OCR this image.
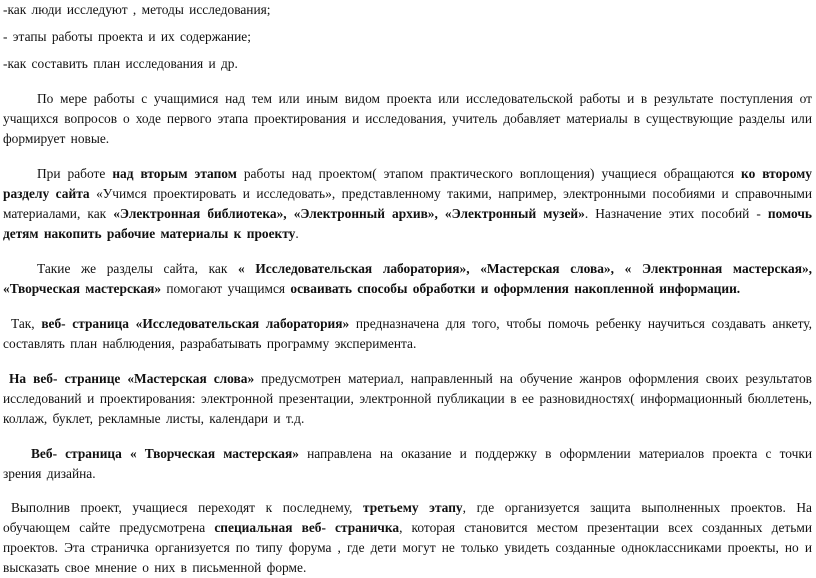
-как люди исследуют , методы исследования;

- этапы работы проекта и их содержание;

-как составить план исследования и др.

По мере работы с учащимися над тем или иным видом проекта или исследовательской работы и в результате поступления от учащихся вопросов о ходе первого этапа проектирования и исследования, учитель добавляет материалы в существующие разделы или формирует новые.

При работе над вторым этапом работы над проектом( этапом практического воплощения) учащиеся обращаются ко второму разделу сайта «Учимся проектировать и исследовать», представленному такими, например, электронными пособиями и справочными материалами, как «Электронная библиотека», «Электронный архив», «Электронный музей». Назначение этих пособий - помочь детям накопить рабочие материалы к проекту.

Такие же разделы сайта, как « Исследовательская лаборатория», «Мастерская слова», « Электронная мастерская», «Творческая мастерская» помогают учащимся осваивать способы обработки и оформления накопленной информации.

Так, веб- страница «Исследовательская лаборатория» предназначена для того, чтобы помочь ребенку научиться создавать анкету, составлять план наблюдения, разрабатывать программу эксперимента.

На веб- странице «Мастерская слова» предусмотрен материал, направленный на обучение жанров оформления своих результатов исследований и проектирования: электронной презентации, электронной публикации в ее разновидностях( информационный бюллетень, коллаж, буклет, рекламные листы, календари и т.д.

Веб- страница « Творческая мастерская» направлена на оказание и поддержку в оформлении материалов проекта с точки зрения дизайна.

Выполнив проект, учащиеся переходят к последнему, третьему этапу, где организуется защита выполненных проектов. На обучающем сайте предусмотрена специальная веб- страничка, которая становится местом презентации всех созданных детьми проектов. Эта страничка организуется по типу форума , где дети могут не только увидеть созданные одноклассниками проекты, но и высказать свое мнение о них в письменной форме.
